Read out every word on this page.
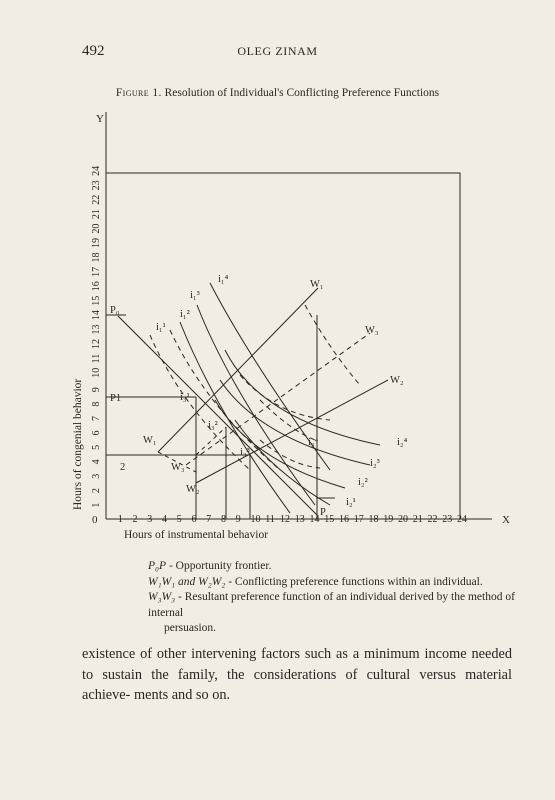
492	OLEG ZINAM
Figure 1. Resolution of Individual's Conflicting Preference Functions
Y
X
0 1 2 3 4 5 6 7 8 9 10 11 12 13 14 15 16 17 18 19 20 21 22 23 24
1
2
3
4
5
6
7
8
9
10
11
12
13
14
15
16
17
18
19
20
21
22
23
24
Hours of instrumental behavior
Hours of congenial behavior
P₀
P1
2
P
W₁
W₁
W₂
W₂
W₃
W₃
i₁⁴
i₁³
i₁²
i₁¹
i₂⁴
i₂³
i₂²
i₂¹
i₃¹
i₃²
i₃³
i₃⁴

P₀P - Opportunity frontier.

W₁W₁ and W₂W₂ - Conflicting preference functions within an individual.

W₃W₃ - Resultant preference function of an individual derived by the method of internal

persuasion.

existence of other intervening factors such as a minimum income needed to sustain the family, the considerations of cultural versus material achieve- ments and so on.
